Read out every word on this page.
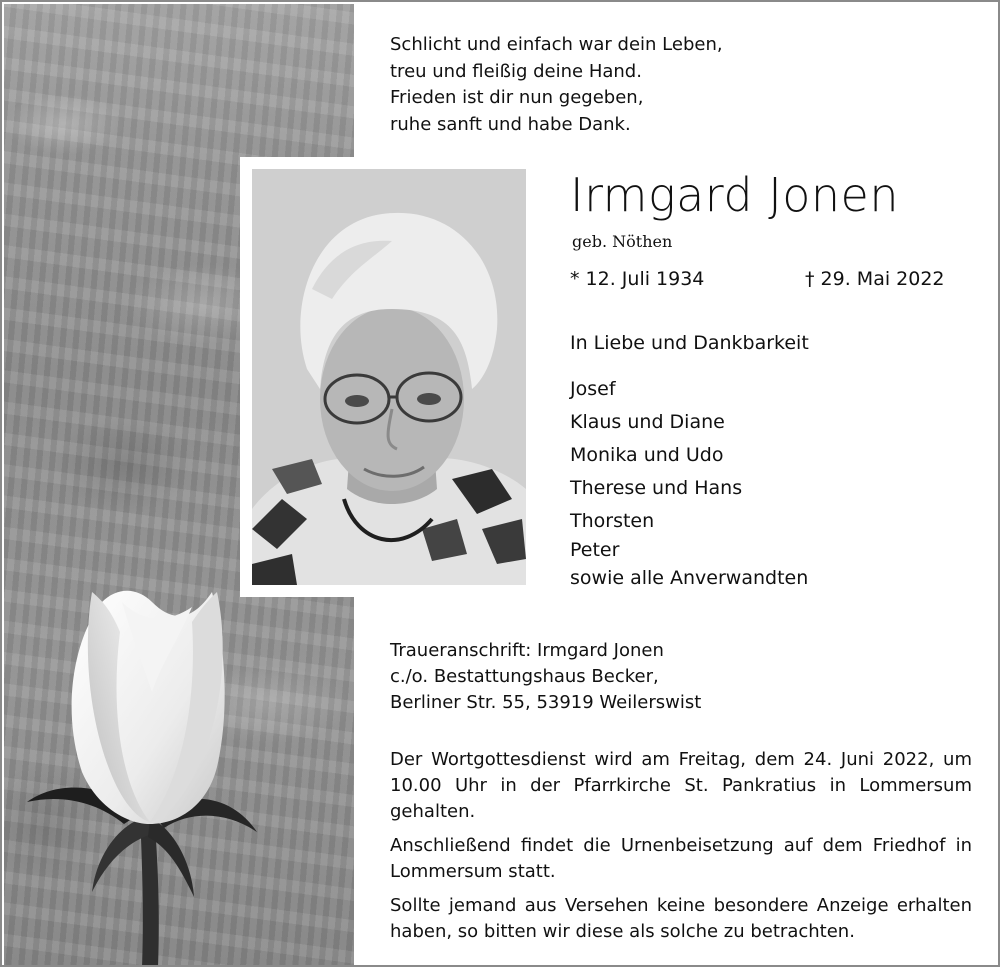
Schlicht und einfach war dein Leben,
treu und fleißig deine Hand.
Frieden ist dir nun gegeben,
ruhe sanft und habe Dank.
Irmgard Jonen
geb. Nöthen
* 12. Juli 1934	† 29. Mai 2022
In Liebe und Dankbarkeit
Josef
Klaus und Diane
Monika und Udo
Therese und Hans
Thorsten
Peter
sowie alle Anverwandten
Traueranschrift: Irmgard Jonen
c./o. Bestattungshaus Becker,
Berliner Str. 55, 53919 Weilerswist

Der Wortgottesdienst wird am Freitag, dem 24. Juni 2022, um 10.00 Uhr in der Pfarrkirche St. Pankratius in Lommersum gehalten.

Anschließend findet die Urnenbeisetzung auf dem Friedhof in Lommersum statt.

Sollte jemand aus Versehen keine besondere Anzeige erhalten haben, so bitten wir diese als solche zu betrachten.
